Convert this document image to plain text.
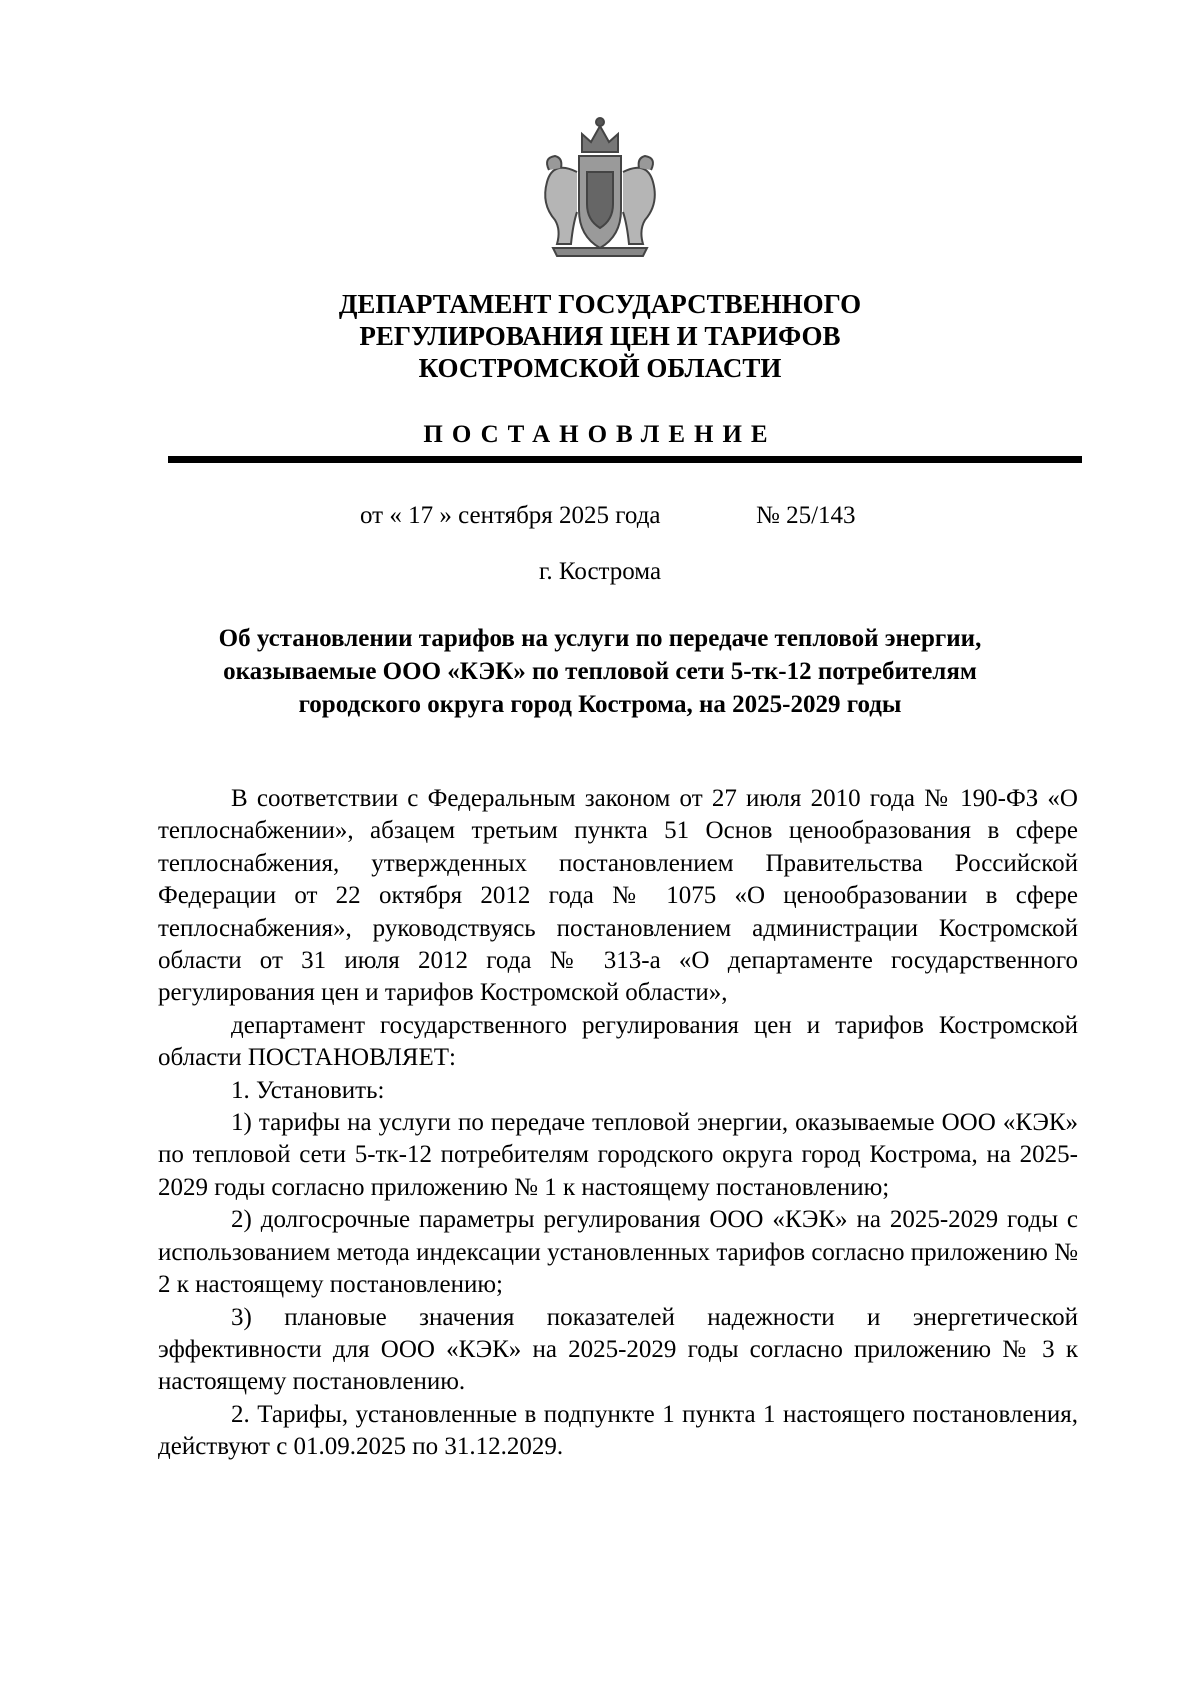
ДЕПАРТАМЕНТ ГОСУДАРСТВЕННОГО
РЕГУЛИРОВАНИЯ ЦЕН И ТАРИФОВ
КОСТРОМСКОЙ ОБЛАСТИ
ПОСТАНОВЛЕНИЕ
от « 17 » сентября 2025 года	№ 25/143
г. Кострома
Об установлении тарифов на услуги по передаче тепловой энергии,
оказываемые ООО «КЭК» по тепловой сети 5-тк-12 потребителям
городского округа город Кострома, на 2025-2029 годы

В соответствии с Федеральным законом от 27 июля 2010 года № 190-ФЗ «О теплоснабжении», абзацем третьим пункта 51 Основ ценообразования в сфере теплоснабжения, утвержденных постановлением Правительства Российской Федерации от 22 октября 2012 года № 1075 «О ценообразовании в сфере теплоснабжения», руководствуясь постановлением администрации Костромской области от 31 июля 2012 года № 313-а «О департаменте государственного регулирования цен и тарифов Костромской области»,

департамент государственного регулирования цен и тарифов Костромской области ПОСТАНОВЛЯЕТ:

1. Установить:

1) тарифы на услуги по передаче тепловой энергии, оказываемые ООО «КЭК» по тепловой сети 5-тк-12 потребителям городского округа город Кострома, на 2025-2029 годы согласно приложению № 1 к настоящему постановлению;

2) долгосрочные параметры регулирования ООО «КЭК» на 2025-2029 годы с использованием метода индексации установленных тарифов согласно приложению № 2 к настоящему постановлению;

3) плановые значения показателей надежности и энергетической эффективности для ООО «КЭК» на 2025-2029 годы согласно приложению № 3 к настоящему постановлению.

2. Тарифы, установленные в подпункте 1 пункта 1 настоящего постановления, действуют с 01.09.2025 по 31.12.2029.
